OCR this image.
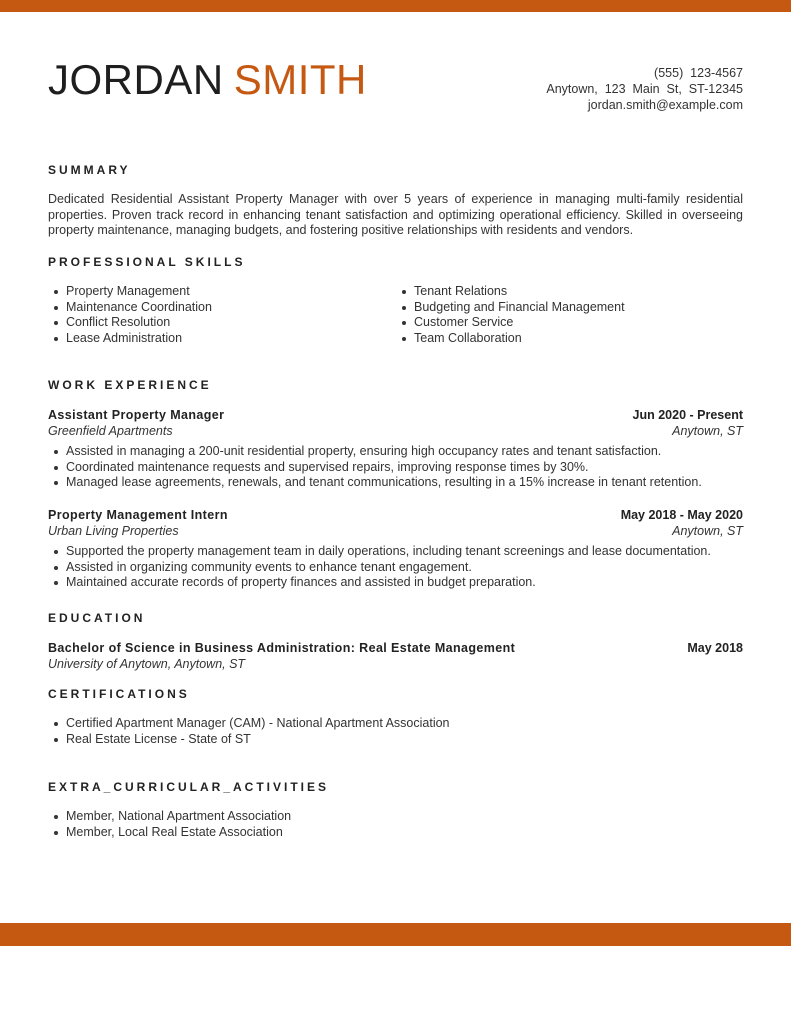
JORDAN SMITH	(555)  123-4567
Anytown,  123  Main  St,  ST-12345
jordan.smith@example.com
SUMMARY
Dedicated Residential Assistant Property Manager with over 5 years of experience in managing multi-family residential properties. Proven track record in enhancing tenant satisfaction and optimizing operational efficiency. Skilled in overseeing property maintenance, managing budgets, and fostering positive relationships with residents and vendors.
PROFESSIONAL SKILLS
Property Management
Maintenance Coordination
Conflict Resolution
Lease Administration
Tenant Relations
Budgeting and Financial Management
Customer Service
Team Collaboration
WORK EXPERIENCE
Assistant Property Manager	Jun 2020 - Present
Greenfield Apartments	Anytown, ST
Assisted in managing a 200-unit residential property, ensuring high occupancy rates and tenant satisfaction.
Coordinated maintenance requests and supervised repairs, improving response times by 30%.
Managed lease agreements, renewals, and tenant communications, resulting in a 15% increase in tenant retention.
Property Management Intern	May 2018 - May 2020
Urban Living Properties	Anytown, ST
Supported the property management team in daily operations, including tenant screenings and lease documentation.
Assisted in organizing community events to enhance tenant engagement.
Maintained accurate records of property finances and assisted in budget preparation.
EDUCATION
Bachelor of Science in Business Administration: Real Estate Management	May 2018
University of Anytown, Anytown, ST
CERTIFICATIONS
Certified Apartment Manager (CAM) - National Apartment Association
Real Estate License - State of ST
EXTRA_CURRICULAR_ACTIVITIES
Member, National Apartment Association
Member, Local Real Estate Association
